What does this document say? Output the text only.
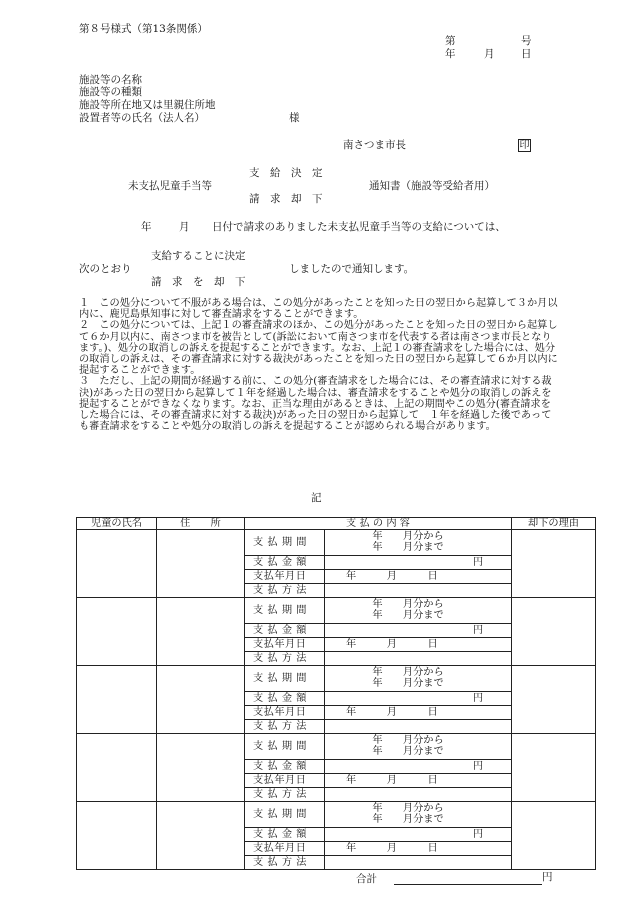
第８号様式（第13条関係）
第	号
年	月	日
施設等の名称
施設等の種類
施設等所在地又は里親住所地
設置者等の氏名（法人名）	様
南さつま市長	印
支　給　決　定
未支払児童手当等	通知書（施設等受給者用）
請　求　却　下
年	月 日付で請求のありました未支払児童手当等の支給については、
支給することに決定
次のとおり	しましたので通知します。
請　求　を　却　下

１　この処分について不服がある場合は、この処分があったことを知った日の翌日から起算して３か月以内に、鹿児島県知事に対して審査請求をすることができます。

２　この処分については、上記１の審査請求のほか、この処分があったことを知った日の翌日から起算して６か月以内に、南さつま市を被告として(訴訟において南さつま市を代表する者は南さつま市長となります。)、処分の取消しの訴えを提起することができます。なお、上記１の審査請求をした場合には、処分の取消しの訴えは、その審査請求に対する裁決があったことを知った日の翌日から起算して６か月以内に提起することができます。

３　ただし、上記の期間が経過する前に、この処分(審査請求をした場合には、その審査請求に対する裁決)があった日の翌日から起算して１年を経過した場合は、審査請求をすることや処分の取消しの訴えを提起することができなくなります。なお、正当な理由があるときは、上記の期間やこの処分(審査請求をした場合には、その審査請求に対する裁決)があった日の翌日から起算して　１年を経過した後であっても審査請求をすることや処分の取消しの訴えを提起することが認められる場合があります。

記
児童の氏名	住　　所	支 払 の 内 容		却下の理由
		支 払 期 間	年　　月分から
年　　月分まで	

		支 払 金 額	円	
		支払年月日	年　　　月　　　日	
		支 払 方 法		
		支 払 期 間	年　　月分から
年　　月分まで	

		支 払 金 額	円	
		支払年月日	年　　　月　　　日	
		支 払 方 法		
		支 払 期 間	年　　月分から
年　　月分まで	

		支 払 金 額	円	
		支払年月日	年　　　月　　　日	
		支 払 方 法		
		支 払 期 間	年　　月分から
年　　月分まで	

		支 払 金 額	円	
		支払年月日	年　　　月　　　日	
		支 払 方 法		
		支 払 期 間	年　　月分から
年　　月分まで	

		支 払 金 額	円	
		支払年月日	年　　　月　　　日	
		支 払 方 法		
合計	円
